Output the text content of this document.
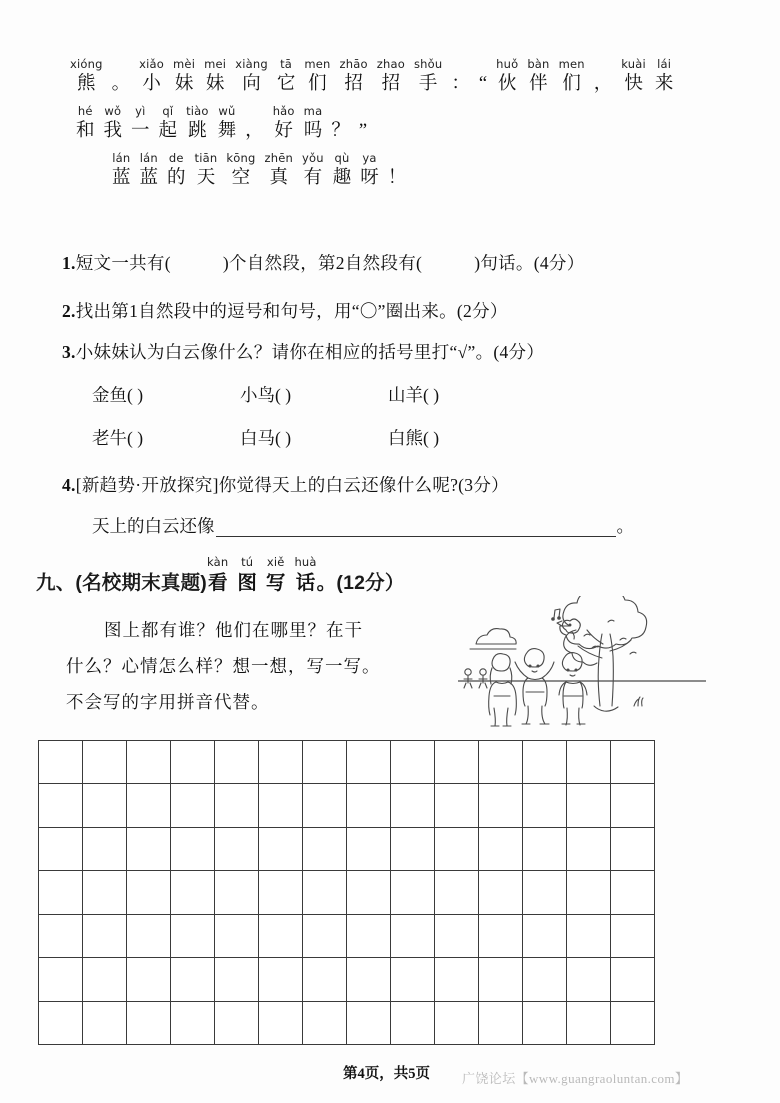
xióng
熊 。
xiǎo
小
mèi
妹
mei
妹
xiàng
向
tā
它
men
们
zhāo
招
zhao
招
shǒu
手 ： “
huǒ
伙
bàn
伴
men
们 ，
kuài
快
lái
来
hé
和
wǒ
我
yì
一
qǐ
起
tiào
跳
wǔ
舞 ，
hǎo
好
ma
吗 ？ ”
lán
蓝
lán
蓝
de
的
tiān
天
kōng
空
zhēn
真
yǒu
有
qù
趣
ya
呀 ！
1.短文一共有(	)个自然段，第2自然段有(	)句话。(4分）
2.找出第1自然段中的逗号和句号，用“〇”圈出来。(2分）
3.小妹妹认为白云像什么？请你在相应的括号里打“√”。(4分）
金鱼( )	小鸟( )	山羊( )
老牛( )	白马( )	白熊( )
4.[新趋势·开放探究]你觉得天上的白云还像什么呢?(3分）
天上的白云还像	。
九、(名校期末真题)
kàn
看
tú
图
xiě
写
huà
话 。(12分）
图上都有谁？他们在哪里？在干
什么？心情怎么样？想一想，写一写。
不会写的字用拼音代替。
第4页，共5页 广饶论坛【www.guangraoluntan.com】
